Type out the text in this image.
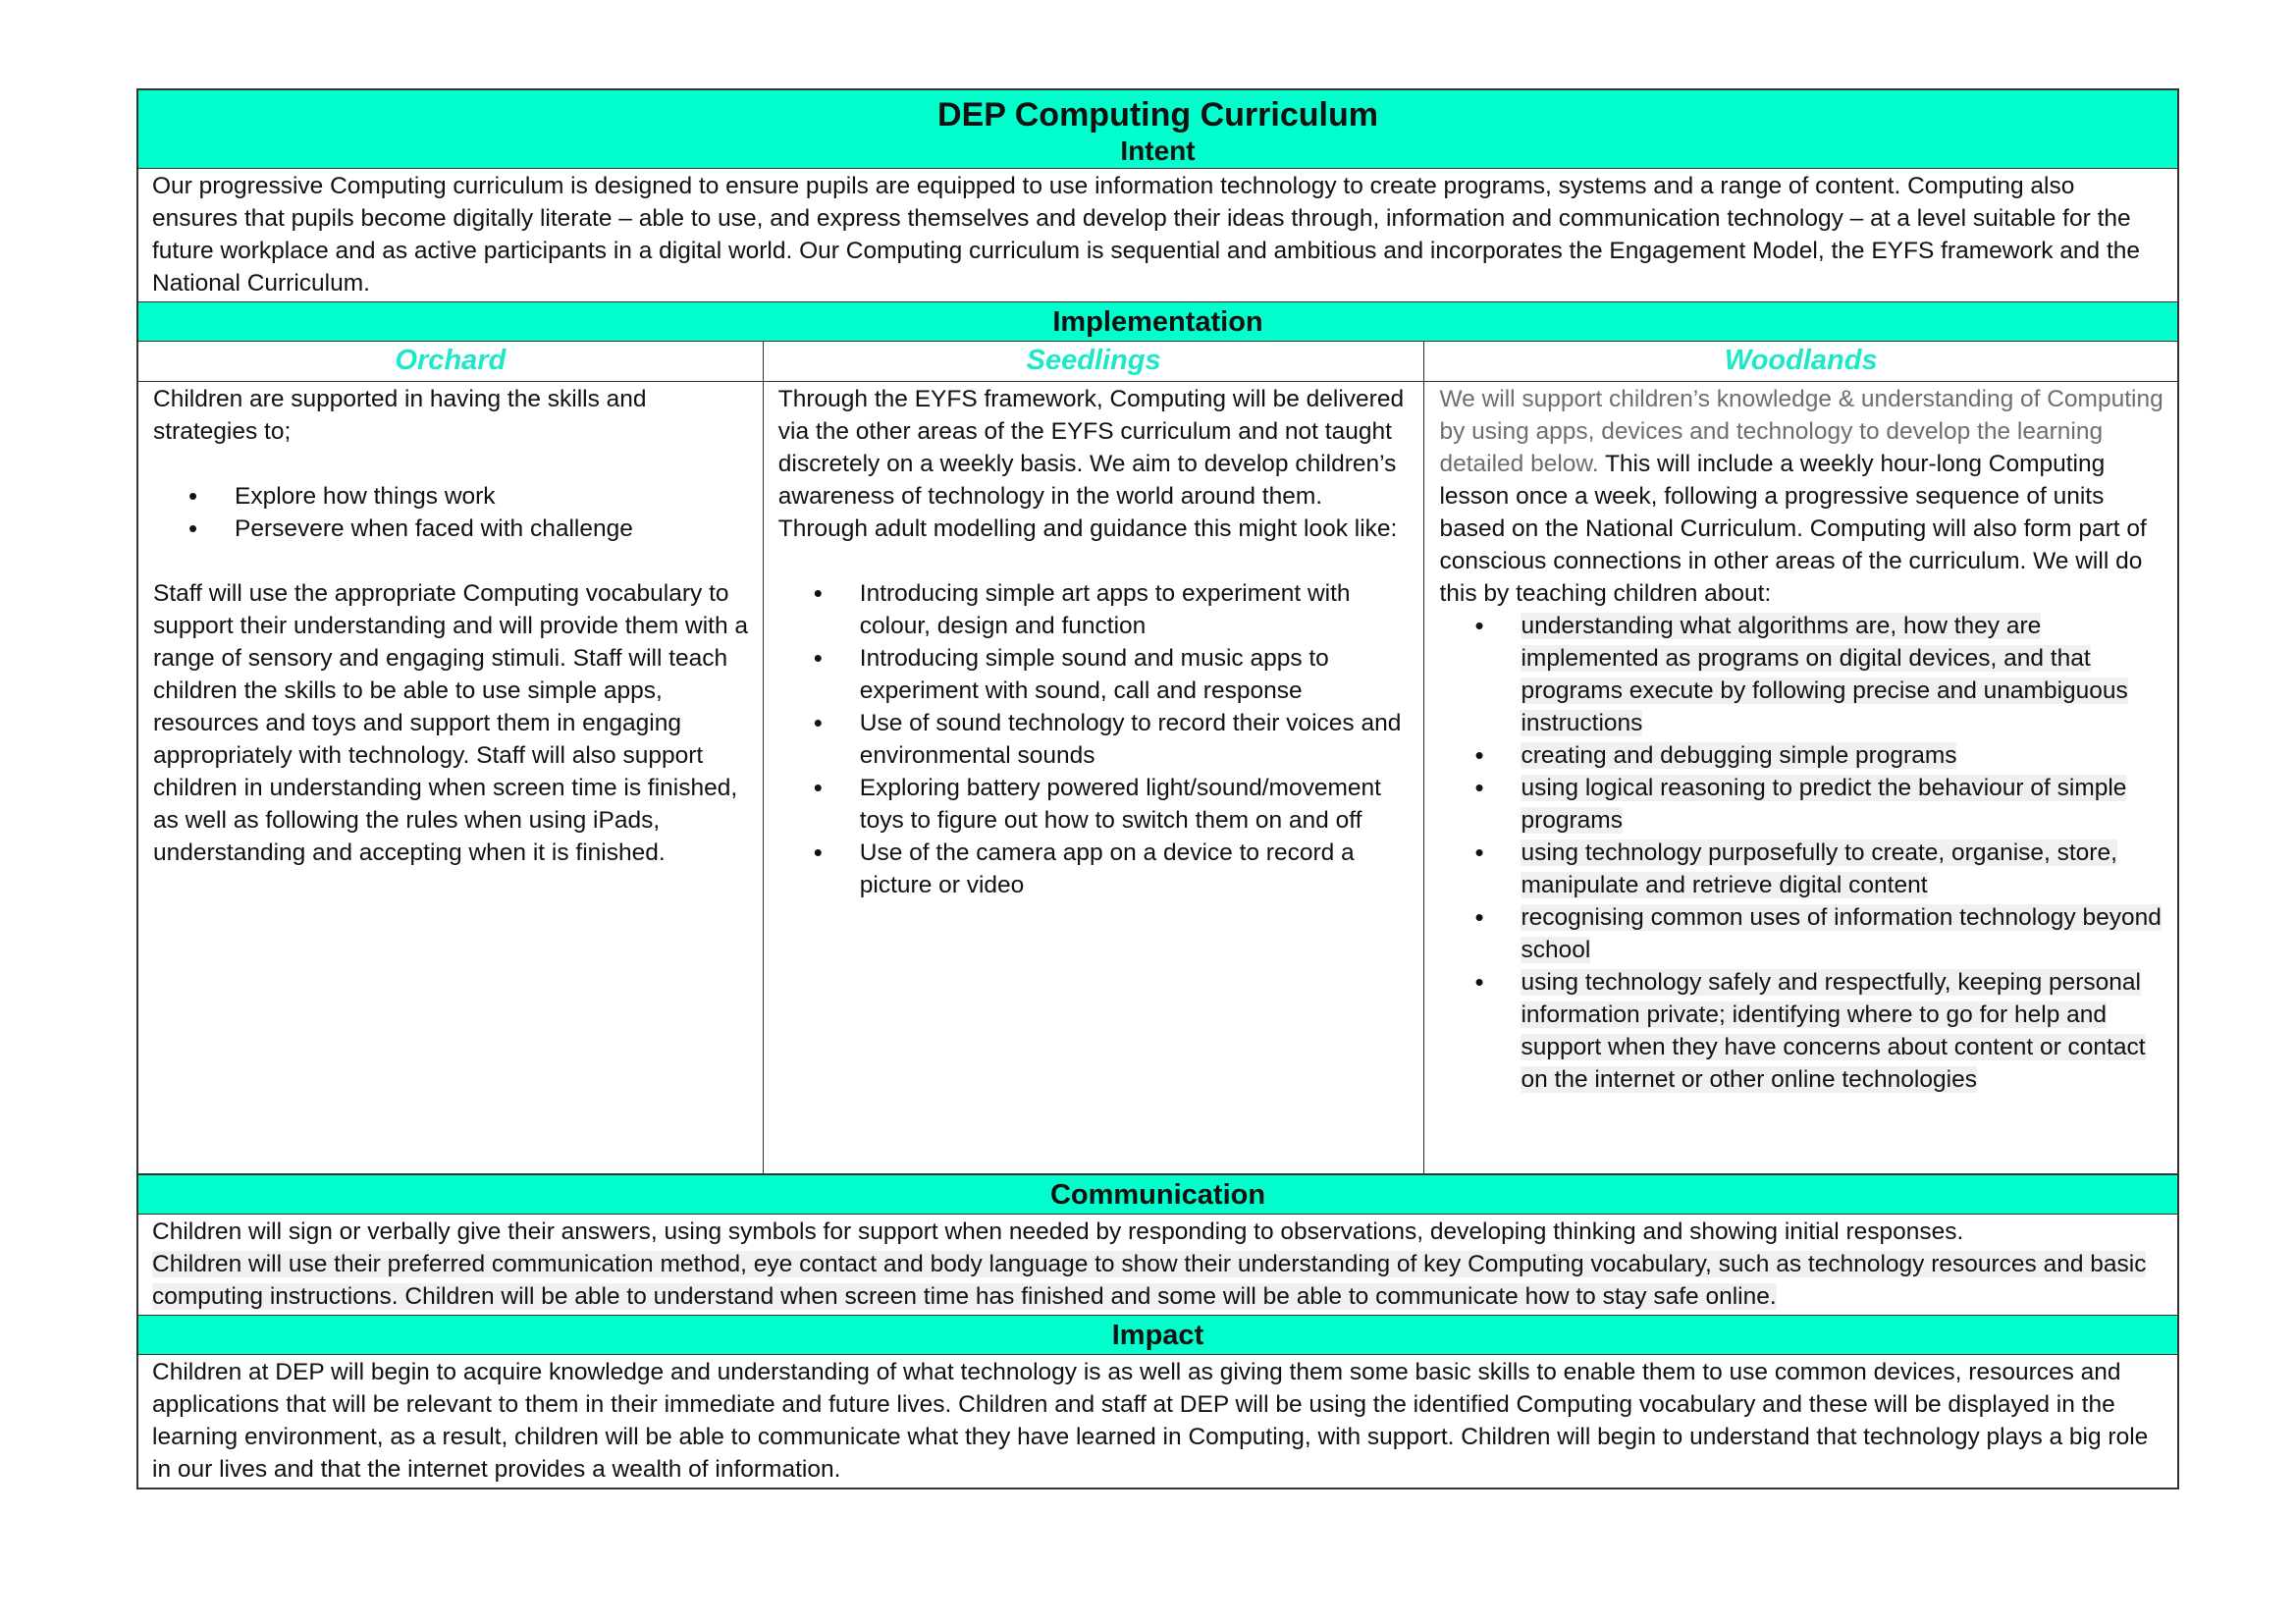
DEP Computing Curriculum
Intent
Our progressive Computing curriculum is designed to ensure pupils are equipped to use information technology to create programs, systems and a range of content. Computing also ensures that pupils become digitally literate – able to use, and express themselves and develop their ideas through, information and communication technology – at a level suitable for the future workplace and as active participants in a digital world. Our Computing curriculum is sequential and ambitious and incorporates the Engagement Model, the EYFS framework and the National Curriculum.
Implementation
Orchard
Children are supported in having the skills and strategies to;
• Explore how things work
• Persevere when faced with challenge
Staff will use the appropriate Computing vocabulary to support their understanding and will provide them with a range of sensory and engaging stimuli. Staff will teach children the skills to be able to use simple apps, resources and toys and support them in engaging appropriately with technology. Staff will also support children in understanding when screen time is finished, as well as following the rules when using iPads, understanding and accepting when it is finished.
Seedlings
Through the EYFS framework, Computing will be delivered via the other areas of the EYFS curriculum and not taught discretely on a weekly basis. We aim to develop children’s awareness of technology in the world around them. Through adult modelling and guidance this might look like:
• Introducing simple art apps to experiment with colour, design and function
• Introducing simple sound and music apps to experiment with sound, call and response
• Use of sound technology to record their voices and environmental sounds
• Exploring battery powered light/sound/movement toys to figure out how to switch them on and off
• Use of the camera app on a device to record a picture or video
Woodlands
We will support children’s knowledge & understanding of Computing by using apps, devices and technology to develop the learning detailed below. This will include a weekly hour-long Computing lesson once a week, following a progressive sequence of units based on the National Curriculum. Computing will also form part of conscious connections in other areas of the curriculum. We will do this by teaching children about:
• understanding what algorithms are, how they are implemented as programs on digital devices, and that programs execute by following precise and unambiguous instructions
• creating and debugging simple programs
• using logical reasoning to predict the behaviour of simple programs
• using technology purposefully to create, organise, store, manipulate and retrieve digital content
• recognising common uses of information technology beyond school
• using technology safely and respectfully, keeping personal information private; identifying where to go for help and support when they have concerns about content or contact on the internet or other online technologies
Communication
Children will sign or verbally give their answers, using symbols for support when needed by responding to observations, developing thinking and showing initial responses.
Children will use their preferred communication method, eye contact and body language to show their understanding of key Computing vocabulary, such as technology resources and basic computing instructions. Children will be able to understand when screen time has finished and some will be able to communicate how to stay safe online.
Impact
Children at DEP will begin to acquire knowledge and understanding of what technology is as well as giving them some basic skills to enable them to use common devices, resources and applications that will be relevant to them in their immediate and future lives. Children and staff at DEP will be using the identified Computing vocabulary and these will be displayed in the learning environment, as a result, children will be able to communicate what they have learned in Computing, with support. Children will begin to understand that technology plays a big role in our lives and that the internet provides a wealth of information.
